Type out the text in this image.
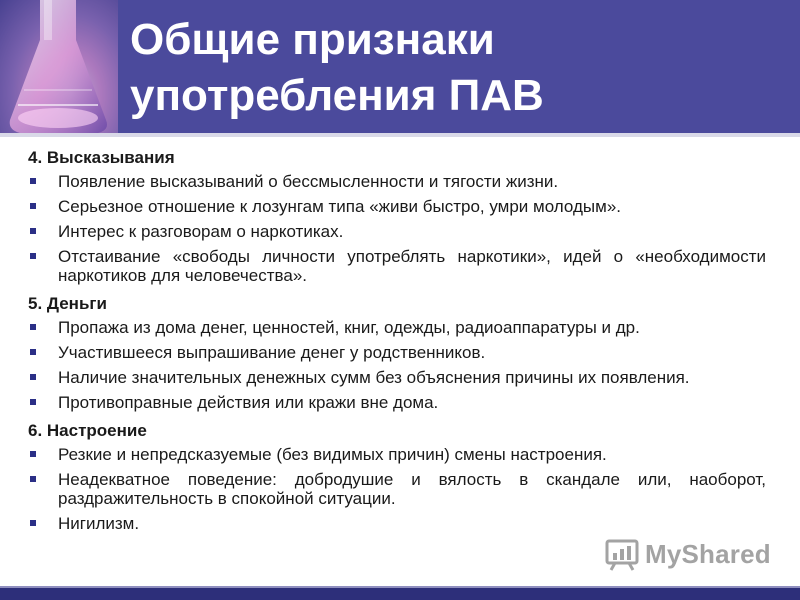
Общие признаки
употребления ПАВ
4. Высказывания
Появление высказываний о бессмысленности и тягости жизни.
Серьезное отношение к лозунгам типа «живи быстро, умри молодым».
Интерес к разговорам о наркотиках.
Отстаивание «свободы личности употреблять наркотики», идей о «необходимости наркотиков для человечества».
5. Деньги
Пропажа из дома денег, ценностей, книг, одежды, радиоаппаратуры и др.
Участившееся выпрашивание денег у родственников.
Наличие значительных денежных сумм без объяснения причины их появления.
Противоправные действия или кражи вне дома.
6. Настроение
Резкие и непредсказуемые (без видимых причин) смены настроения.
Неадекватное поведение: добродушие и вялость в скандале или, наоборот, раздражительность в спокойной ситуации.
Нигилизм.
MyShared
